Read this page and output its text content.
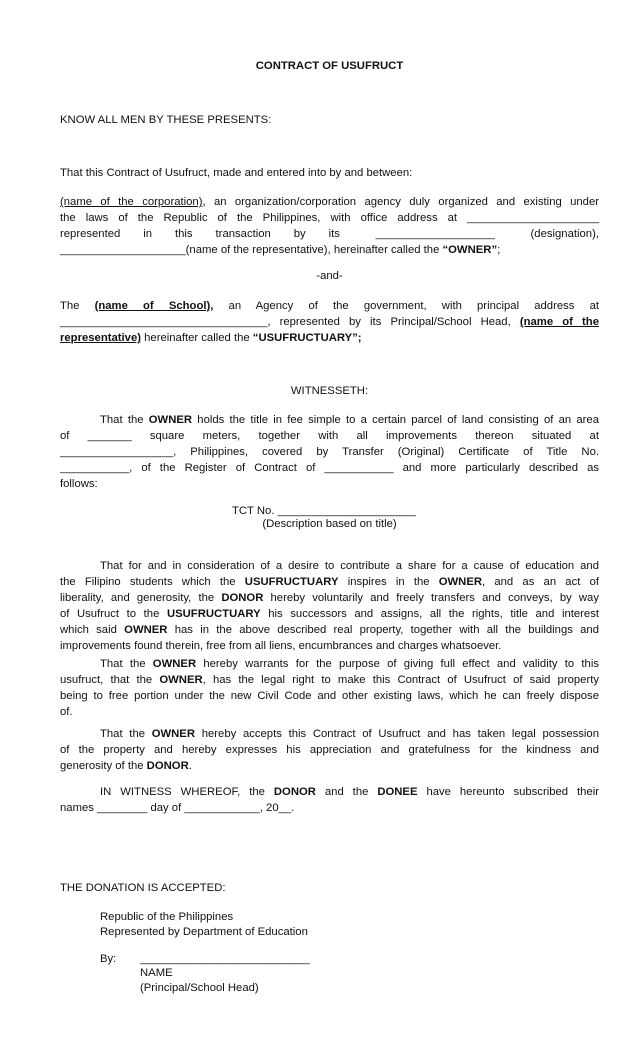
CONTRACT OF USUFRUCT
KNOW ALL MEN BY THESE PRESENTS:
That this Contract of Usufruct, made and entered into by and between:
(name of the corporation), an organization/corporation agency duly organized and existing under
the laws of the Republic of the Philippines, with office address at _____________________
represented in this transaction by its	___________________	(designation),
____________________(name of the representative), hereinafter called the “OWNER”;
-and-
The (name of School), an Agency of the government, with principal address at
_________________________________, represented by its Principal/School Head, (name of the
representative) hereinafter called the “USUFRUCTUARY”;
WITNESSETH:
That the OWNER holds the title in fee simple to a certain parcel of land consisting of an area
of _______ square meters, together with all improvements thereon situated at
__________________, Philippines, covered by Transfer (Original) Certificate of Title No.
___________, of the Register of Contract of ___________ and more particularly described as
follows:
TCT No. ______________________
(Description based on title)
That for and in consideration of a desire to contribute a share for a cause of education and
the Filipino students which the USUFRUCTUARY inspires in the OWNER, and as an act of
liberality, and generosity, the DONOR hereby voluntarily and freely transfers and conveys, by way
of Usufruct to the USUFRUCTUARY his successors and assigns, all the rights, title and interest
which said OWNER has in the above described real property, together with all the buildings and
improvements found therein, free from all liens, encumbrances and charges whatsoever.
That the OWNER hereby warrants for the purpose of giving full effect and validity to this
usufruct, that the OWNER, has the legal right to make this Contract of Usufruct of said property
being to free portion under the new Civil Code and other existing laws, which he can freely dispose
of.
That the OWNER hereby accepts this Contract of Usufruct and has taken legal possession
of the property and hereby expresses his appreciation and gratefulness for the kindness and
generosity of the DONOR.
IN WITNESS WHEREOF, the DONOR and the DONEE have hereunto subscribed their
names ________ day of ____________, 20__.
THE DONATION IS ACCEPTED:
Republic of the Philippines
Represented by Department of Education
By: ___________________________
NAME
(Principal/School Head)
